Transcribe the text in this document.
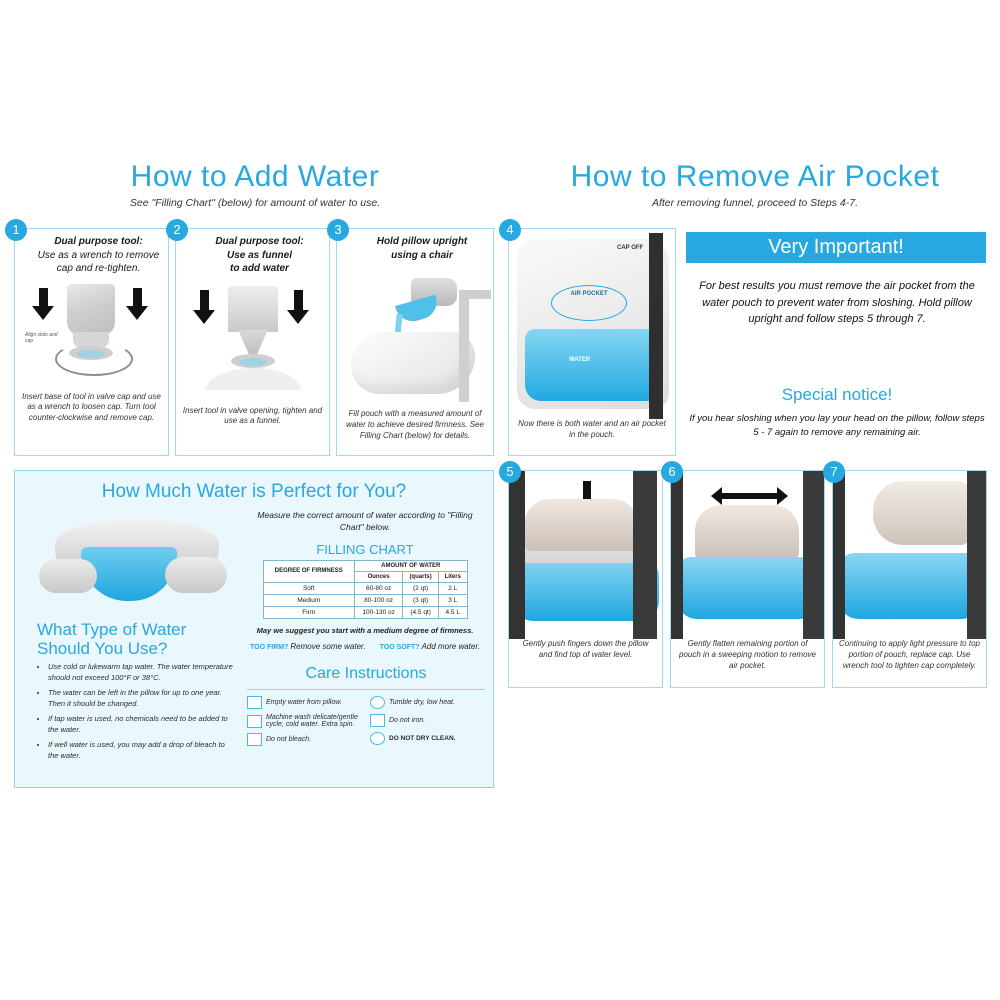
How to Add Water
See "Filling Chart" (below) for amount of water to use.
How to Remove Air Pocket
After removing funnel, proceed to Steps 4-7.
1
Dual purpose tool:
Use as a wrench to remove
cap and re-tighten.
Align slots and cap
Insert base of tool in valve cap and use as a wrench to loosen cap. Turn tool counter-clockwise and remove cap.
2
Dual purpose tool:
Use as funnel
to add water
Insert tool in valve opening, tighten and use as a funnel.
3
Hold pillow upright
using a chair
Fill pouch with a measured amount of water to achieve desired firmness. See Filling Chart (below) for details.
4
CAP OFF
AIR POCKET
WATER
Now there is both water and an air pocket in the pouch.
Very Important!
For best results you must remove the air pocket from the water pouch to prevent water from sloshing. Hold pillow upright and follow steps 5 through 7.
Special notice!
If you hear sloshing when you lay your head on the pillow, follow steps 5 - 7 again to remove any remaining air.
5
Gently push fingers down the pillow and find top of water level.
6
Gently flatten remaining portion of pouch in a sweeping motion to remove air pocket.
7
Continuing to apply light pressure to top portion of pouch, replace cap. Use wrench tool to tighten cap completely.
How Much Water is Perfect for You?
Measure the correct amount of water according to "Filling Chart" below.
FILLING CHART
DEGREE OF FIRMNESS	AMOUNT OF WATER		
	Ounces	(quarts)	Liters
Soft	60-80 oz	(2 qt)	2 L
Medium	80-100 oz	(3 qt)	3 L
Firm	100-130 oz	(4.5 qt)	4.5 L
May we suggest you start with a medium degree of firmness.
TOO FIRM? Remove some water. TOO SOFT? Add more water.
What Type of Water
Should You Use?
• Use cold or lukewarm tap water. The water temperature should not exceed 100°F or 38°C.
• The water can be left in the pillow for up to one year. Then it should be changed.
• If tap water is used, no chemicals need to be added to the water.
• If well water is used, you may add a drop of bleach to the water.
Care Instructions
Empty water from pillow.
Machine wash delicate/gentle cycle, cold water. Extra spin.
Do not bleach.
Tumble dry, low heat.
Do not iron.
DO NOT DRY CLEAN.
